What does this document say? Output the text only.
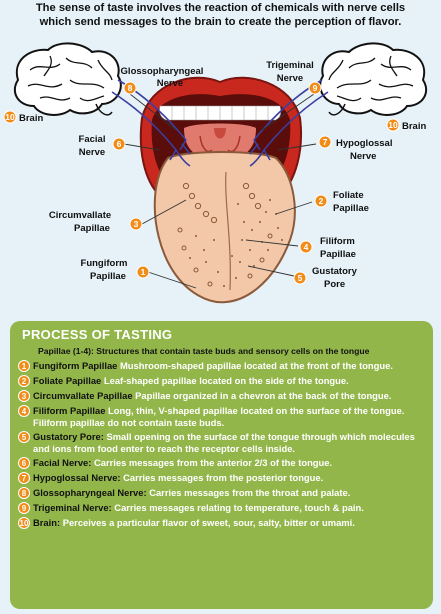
The sense of taste involves the reaction of chemicals with nerve cells
which send messages to the brain to create the perception of flavor.
10 Brain
10 Brain
Glossopharyngeal
Nerve
8
Trigeminal
Nerve
9
Facial
Nerve
6	7 Hypoglossal
Nerve
Circumvallate
Papillae	3
2 Foliate
Papillae
4 Filiform
Papillae
5
Gustatory
Pore
Fungiform
Papillae 1
PROCESS OF TASTING
Papillae (1-4): Structures that contain taste buds and sensory cells on the tongue
1 Fungiform Papillae Mushroom-shaped papillae located at the front of the tongue.
2 Foliate Papillae Leaf-shaped papillae located on the side of the tongue.
3 Circumvallate Papillae Papillae organized in a chevron at the back of the tongue.
4 Filiform Papillae Long, thin, V-shaped papillae located on the surface of the tongue. Filiform papillae do not contain taste buds.
5 Gustatory Pore: Small opening on the surface of the tongue through which molecules and ions from food enter to reach the receptor cells inside.
6 Facial Nerve: Carries messages from the anterior 2/3 of the tongue.
7 Hypoglossal Nerve: Carries messages from the posterior tongue.
8 Glossopharyngeal Nerve: Carries messages from the throat and palate.
9 Trigeminal Nerve: Carries messages relating to temperature, touch & pain.
10 Brain: Perceives a particular flavor of sweet, sour, salty, bitter or umami.
